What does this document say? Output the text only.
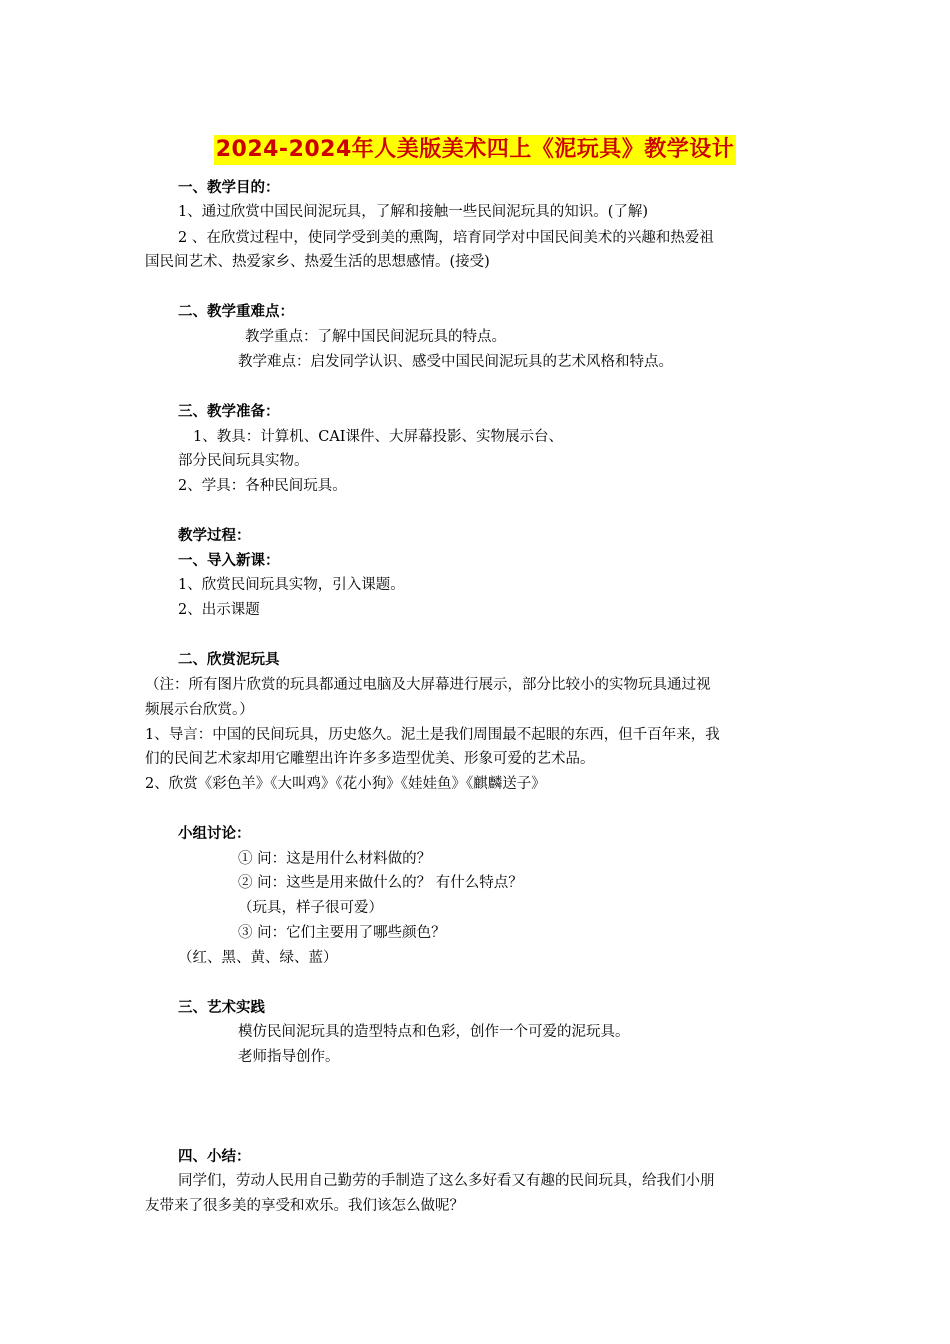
2024-2024年人美版美术四上《泥玩具》教学设计
一、教学目的：
1、通过欣赏中国民间泥玩具，了解和接触一些民间泥玩具的知识。(了解)
2 、在欣赏过程中，使同学受到美的熏陶，培育同学对中国民间美术的兴趣和热爱祖
国民间艺术、热爱家乡、热爱生活的思想感情。(接受)
二、教学重难点：
教学重点：了解中国民间泥玩具的特点。
教学难点：启发同学认识、感受中国民间泥玩具的艺术风格和特点。
三、教学准备：
1、教具：计算机、CAI课件、大屏幕投影、实物展示台、
部分民间玩具实物。
2、学具：各种民间玩具。
教学过程：
一、导入新课：
1、欣赏民间玩具实物，引入课题。
2、出示课题
二、欣赏泥玩具
（注：所有图片欣赏的玩具都通过电脑及大屏幕进行展示，部分比较小的实物玩具通过视
频展示台欣赏。）
1、导言：中国的民间玩具，历史悠久。泥土是我们周围最不起眼的东西，但千百年来，我
们的民间艺术家却用它雕塑出许许多多造型优美、形象可爱的艺术品。
2、欣赏《彩色羊》《大叫鸡》《花小狗》《娃娃鱼》《麒麟送子》
小组讨论：
① 问：这是用什么材料做的？
② 问：这些是用来做什么的？ 有什么特点？
（玩具，样子很可爱）
③ 问：它们主要用了哪些颜色？
（红、黑、黄、绿、蓝）
三、艺术实践
模仿民间泥玩具的造型特点和色彩，创作一个可爱的泥玩具。
老师指导创作。
四、小结：
同学们，劳动人民用自己勤劳的手制造了这么多好看又有趣的民间玩具，给我们小朋
友带来了很多美的享受和欢乐。我们该怎么做呢？
